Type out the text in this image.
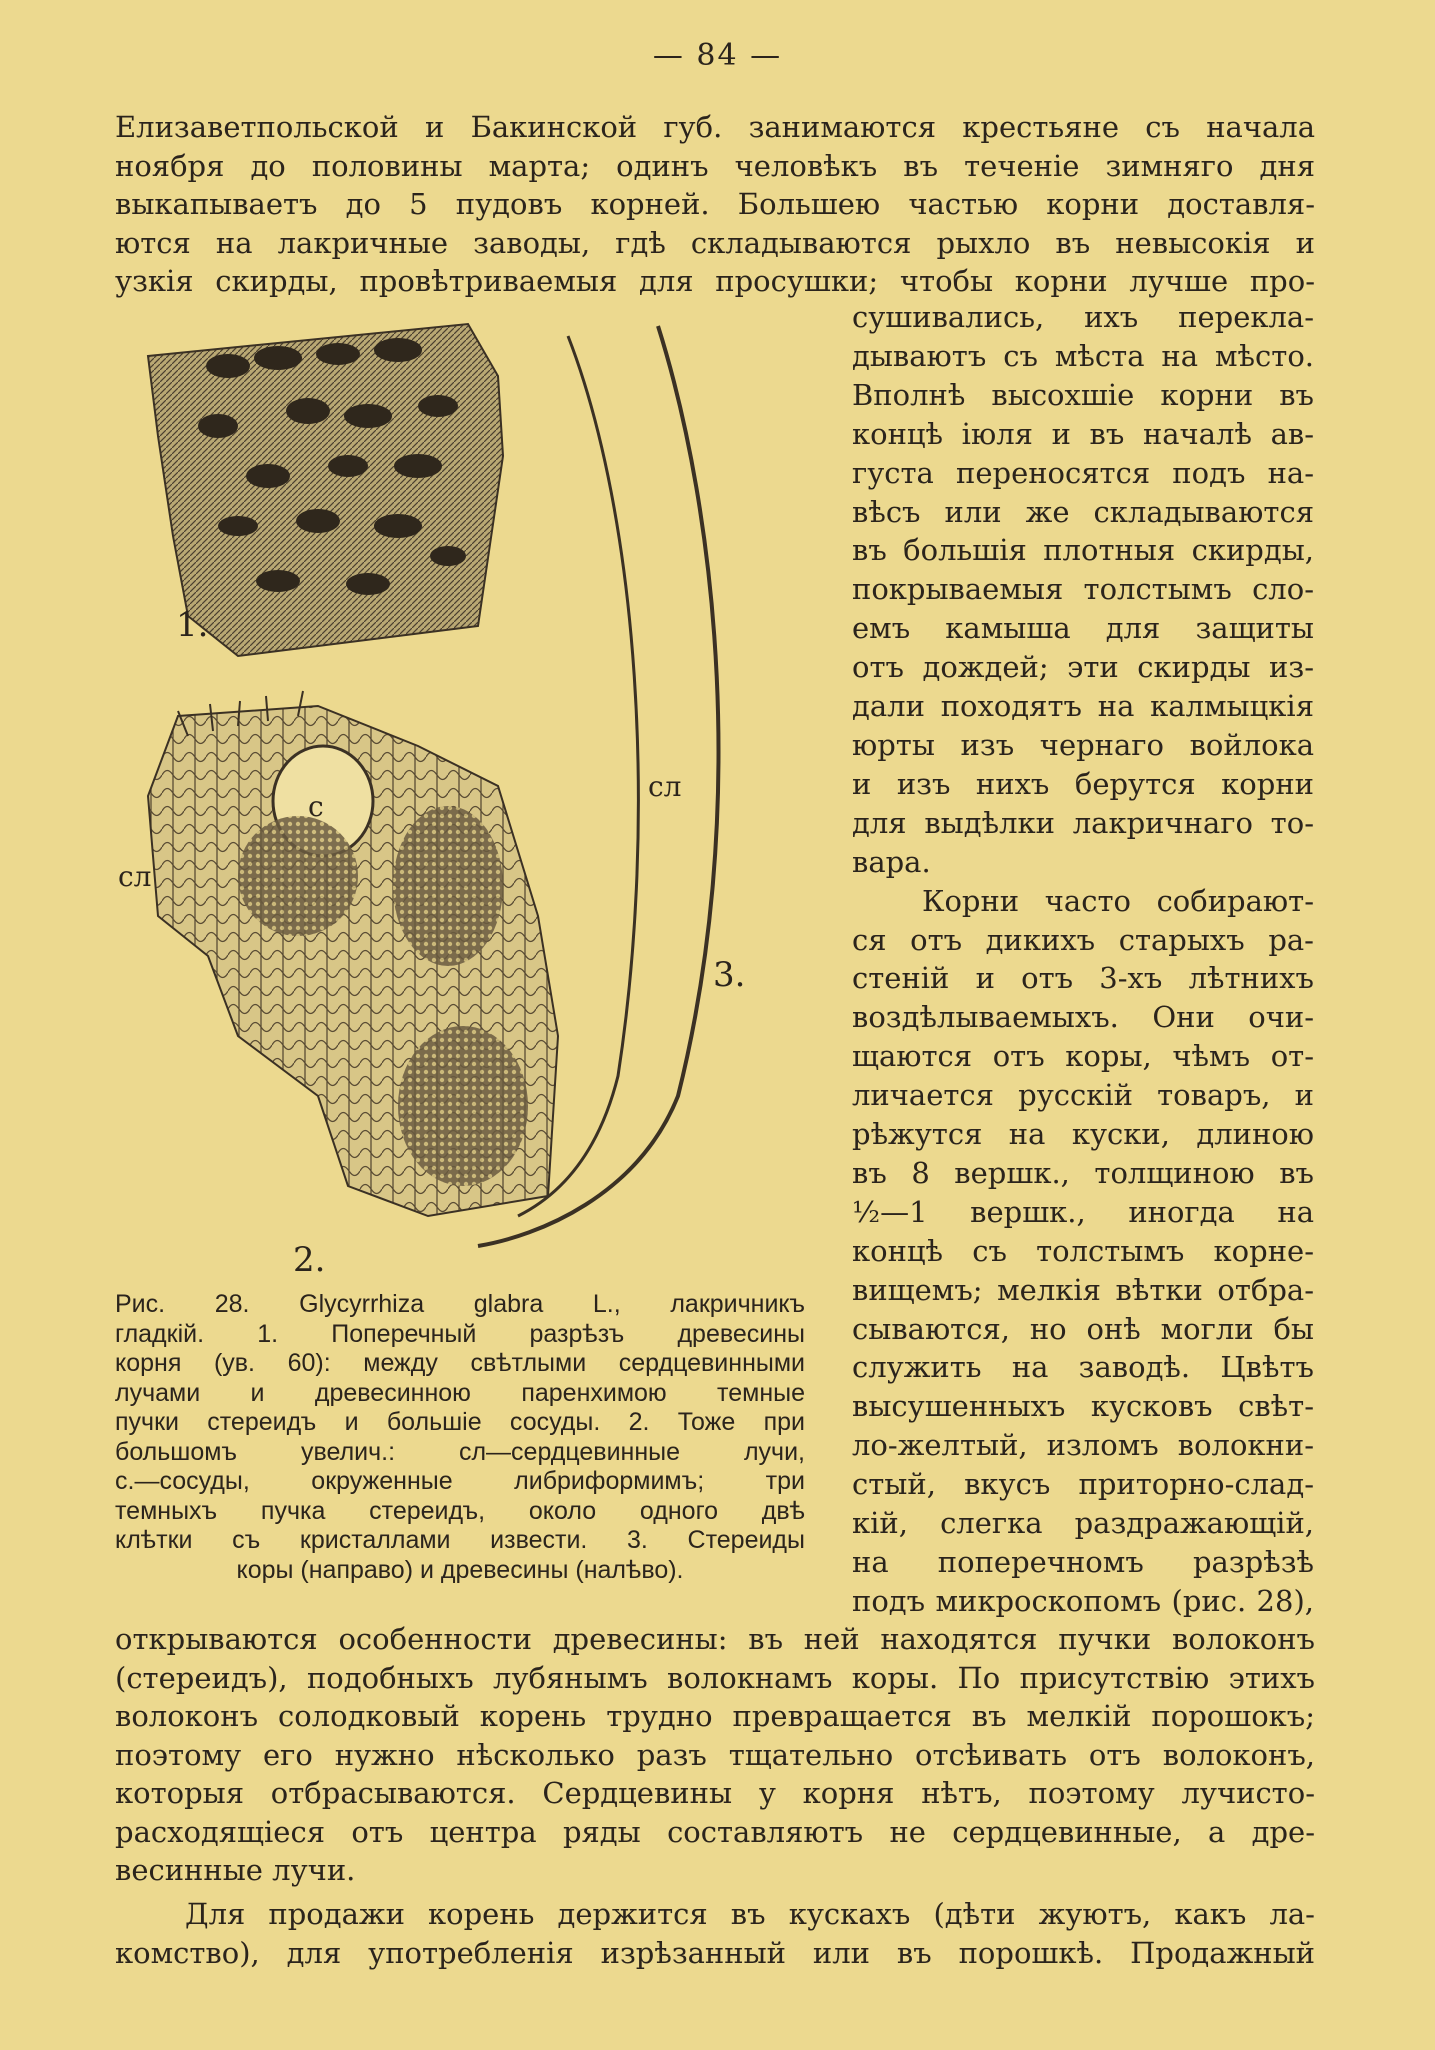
— 84 —
Елизаветпольской и Бакинской губ. занимаются крестьяне съ начала
ноября до половины марта; одинъ человѣкъ въ теченіе зимняго дня
выкапываетъ до 5 пудовъ корней. Большею частью корни доставля-
ются на лакричные заводы, гдѣ складываются рыхло въ невысокія и
узкія скирды, провѣтриваемыя для просушки; чтобы корни лучше про-
сушивались, ихъ перекла-
дываютъ съ мѣста на мѣсто.
Вполнѣ высохшіе корни въ
концѣ іюля и въ началѣ ав-
густа переносятся подъ на-
вѣсъ или же складываются
въ большія плотныя скирды,
покрываемыя толстымъ сло-
емъ камыша для защиты
отъ дождей; эти скирды из-
дали походятъ на калмыцкія
юрты изъ чернаго войлока
и изъ нихъ берутся корни
для выдѣлки лакричнаго то-
вара.
Корни часто собирают-
ся отъ дикихъ старыхъ ра-
стеній и отъ 3-хъ лѣтнихъ
воздѣлываемыхъ. Они очи-
щаются отъ коры, чѣмъ от-
личается русскій товаръ, и
рѣжутся на куски, длиною
въ 8 вершк., толщиною въ
½—1 вершк., иногда на
концѣ съ толстымъ корне-
вищемъ; мелкія вѣтки отбра-
сываются, но онѣ могли бы
служить на заводѣ. Цвѣтъ
высушенныхъ кусковъ свѣт-
ло-желтый, изломъ волокни-
стый, вкусъ приторно-слад-
кій, слегка раздражающій,
на поперечномъ разрѣзѣ
подъ микроскопомъ (рис. 28),
1.
2.
3.
c
сл
сл
Рис. 28. Glycyrrhiza glabra L., лакричникъ
гладкій. 1. Поперечный разрѣзъ древесины
корня (ув. 60): между свѣтлыми сердцевинными
лучами и древесинною паренхимою темные
пучки стереидъ и большіе сосуды. 2. Тоже при
большомъ увелич.: сл—сердцевинные лучи,
с.—сосуды, окруженные либриформимъ; три
темныхъ пучка стереидъ, около одного двѣ
клѣтки съ кристаллами извести. 3. Стереиды
коры (направо) и древесины (налѣво).
открываются особенности древесины: въ ней находятся пучки волоконъ
(стереидъ), подобныхъ лубянымъ волокнамъ коры. По присутствію этихъ
волоконъ солодковый корень трудно превращается въ мелкій порошокъ;
поэтому его нужно нѣсколько разъ тщательно отсѣивать отъ волоконъ,
которыя отбрасываются. Сердцевины у корня нѣтъ, поэтому лучисто-
расходящіеся отъ центра ряды составляютъ не сердцевинные, а дре-
весинные лучи.
Для продажи корень держится въ кускахъ (дѣти жуютъ, какъ ла-
комство), для употребленія изрѣзанный или въ порошкѣ. Продажный
